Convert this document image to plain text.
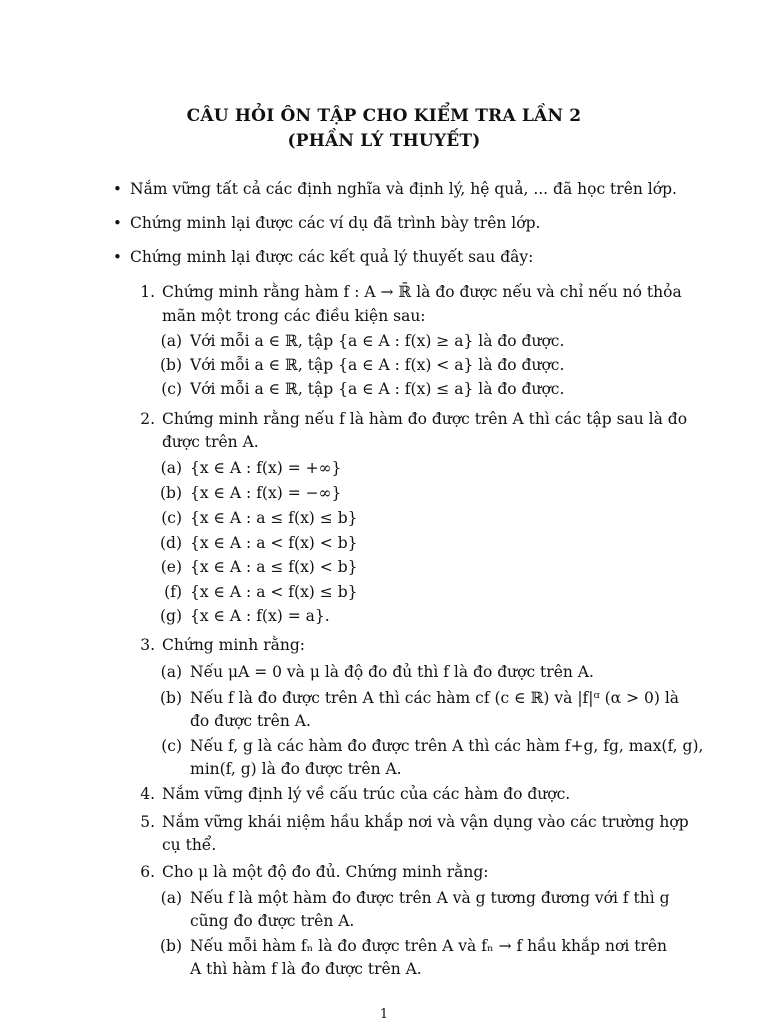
CÂU HỎI ÔN TẬP CHO KIỂM TRA LẦN 2
(PHẦN LÝ THUYẾT)
• Nắm vững tất cả các định nghĩa và định lý, hệ quả, ... đã học trên lớp.
• Chứng minh lại được các ví dụ đã trình bày trên lớp.
• Chứng minh lại được các kết quả lý thuyết sau đây:
1. Chứng minh rằng hàm f : A → ℝ̄ là đo được nếu và chỉ nếu nó thỏa
mãn một trong các điều kiện sau:
(a) Với mỗi a ∈ ℝ, tập {a ∈ A : f(x) ≥ a} là đo được.
(b) Với mỗi a ∈ ℝ, tập {a ∈ A : f(x) < a} là đo được.
(c) Với mỗi a ∈ ℝ, tập {a ∈ A : f(x) ≤ a} là đo được.
2. Chứng minh rằng nếu f là hàm đo được trên A thì các tập sau là đo
được trên A.
(a) {x ∈ A : f(x) = +∞}
(b) {x ∈ A : f(x) = −∞}
(c) {x ∈ A : a ≤ f(x) ≤ b}
(d) {x ∈ A : a < f(x) < b}
(e) {x ∈ A : a ≤ f(x) < b}
(f) {x ∈ A : a < f(x) ≤ b}
(g) {x ∈ A : f(x) = a}.
3. Chứng minh rằng:
(a) Nếu μA = 0 và μ là độ đo đủ thì f là đo được trên A.
(b) Nếu f là đo được trên A thì các hàm cf (c ∈ ℝ) và |f|ᵅ (α > 0) là
đo được trên A.
(c) Nếu f, g là các hàm đo được trên A thì các hàm f+g, fg, max(f, g),
min(f, g) là đo được trên A.
4. Nắm vững định lý về cấu trúc của các hàm đo được.
5. Nắm vững khái niệm hầu khắp nơi và vận dụng vào các trường hợp
cụ thể.
6. Cho μ là một độ đo đủ. Chứng minh rằng:
(a) Nếu f là một hàm đo được trên A và g tương đương với f thì g
cũng đo được trên A.
(b) Nếu mỗi hàm fₙ là đo được trên A và fₙ → f hầu khắp nơi trên
A thì hàm f là đo được trên A.
1
